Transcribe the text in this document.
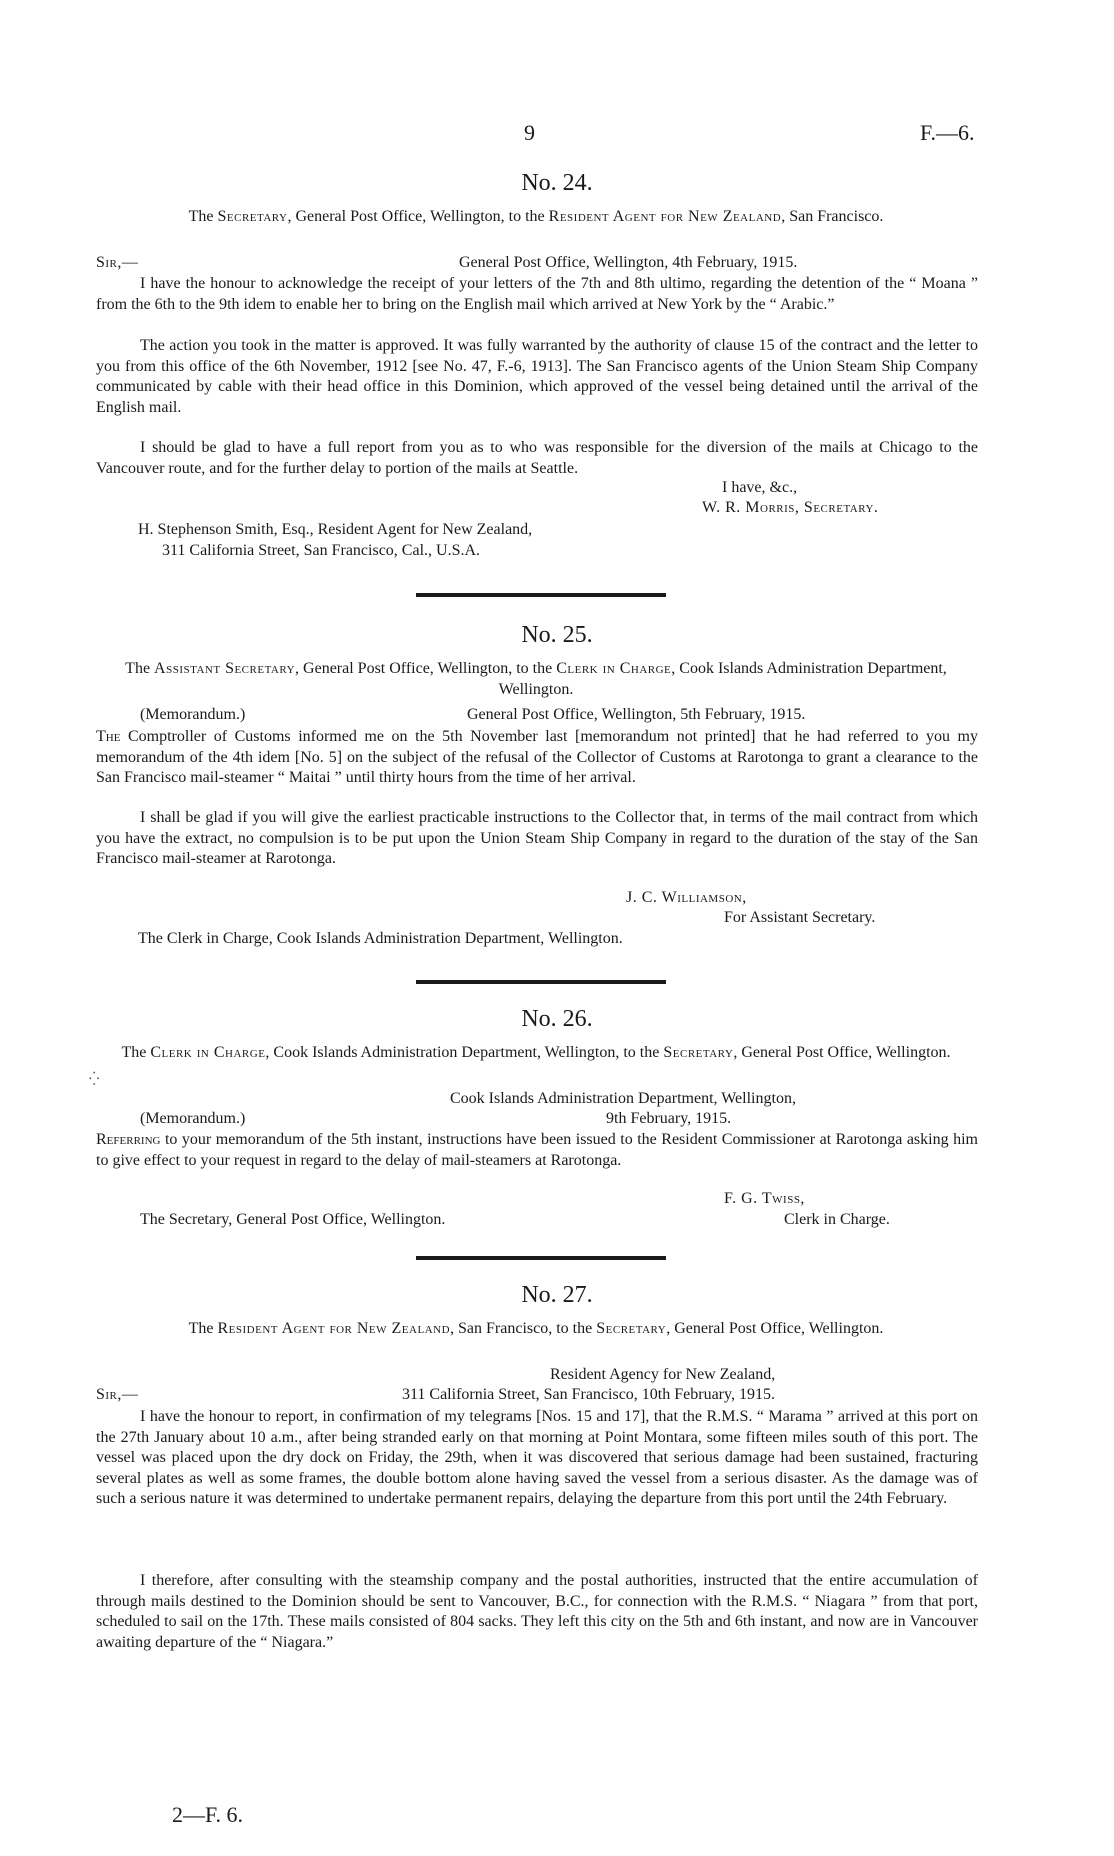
9	F.—6.
No. 24.
The Secretary, General Post Office, Wellington, to the Resident Agent for New Zealand, San Francisco.
Sir,—	General Post Office, Wellington, 4th February, 1915.
I have the honour to acknowledge the receipt of your letters of the 7th and 8th ultimo, regarding the detention of the “ Moana ” from the 6th to the 9th idem to enable her to bring on the English mail which arrived at New York by the “ Arabic.”
The action you took in the matter is approved. It was fully warranted by the authority of clause 15 of the contract and the letter to you from this office of the 6th November, 1912 [see No. 47, F.-6, 1913]. The San Francisco agents of the Union Steam Ship Company communicated by cable with their head office in this Dominion, which approved of the vessel being detained until the arrival of the English mail.
I should be glad to have a full report from you as to who was responsible for the diversion of the mails at Chicago to the Vancouver route, and for the further delay to portion of the mails at Seattle.
I have, &c.,
W. R. Morris, Secretary.
H. Stephenson Smith, Esq., Resident Agent for New Zealand,
311 California Street, San Francisco, Cal., U.S.A.
No. 25.
The Assistant Secretary, General Post Office, Wellington, to the Clerk in Charge, Cook Islands Administration Department, Wellington.
(Memorandum.)	General Post Office, Wellington, 5th February, 1915.
The Comptroller of Customs informed me on the 5th November last [memorandum not printed] that he had referred to you my memorandum of the 4th idem [No. 5] on the subject of the refusal of the Collector of Customs at Rarotonga to grant a clearance to the San Francisco mail-steamer “ Maitai ” until thirty hours from the time of her arrival.
I shall be glad if you will give the earliest practicable instructions to the Collector that, in terms of the mail contract from which you have the extract, no compulsion is to be put upon the Union Steam Ship Company in regard to the duration of the stay of the San Francisco mail-steamer at Rarotonga.
J. C. Williamson,
For Assistant Secretary.
The Clerk in Charge, Cook Islands Administration Department, Wellington.
No. 26.
The Clerk in Charge, Cook Islands Administration Department, Wellington, to the Secretary, General Post Office, Wellington.
⁛
Cook Islands Administration Department, Wellington,
(Memorandum.)	9th February, 1915.
Referring to your memorandum of the 5th instant, instructions have been issued to the Resident Commissioner at Rarotonga asking him to give effect to your request in regard to the delay of mail-steamers at Rarotonga.
F. G. Twiss,
The Secretary, General Post Office, Wellington.	Clerk in Charge.
No. 27.
The Resident Agent for New Zealand, San Francisco, to the Secretary, General Post Office, Wellington.
Resident Agency for New Zealand,
Sir,—	311 California Street, San Francisco, 10th February, 1915.
I have the honour to report, in confirmation of my telegrams [Nos. 15 and 17], that the R.M.S. “ Marama ” arrived at this port on the 27th January about 10 a.m., after being stranded early on that morning at Point Montara, some fifteen miles south of this port. The vessel was placed upon the dry dock on Friday, the 29th, when it was discovered that serious damage had been sustained, fracturing several plates as well as some frames, the double bottom alone having saved the vessel from a serious disaster. As the damage was of such a serious nature it was determined to undertake permanent repairs, delaying the departure from this port until the 24th February.
I therefore, after consulting with the steamship company and the postal authorities, instructed that the entire accumulation of through mails destined to the Dominion should be sent to Vancouver, B.C., for connection with the R.M.S. “ Niagara ” from that port, scheduled to sail on the 17th. These mails consisted of 804 sacks. They left this city on the 5th and 6th instant, and now are in Vancouver awaiting departure of the “ Niagara.”
2—F. 6.
